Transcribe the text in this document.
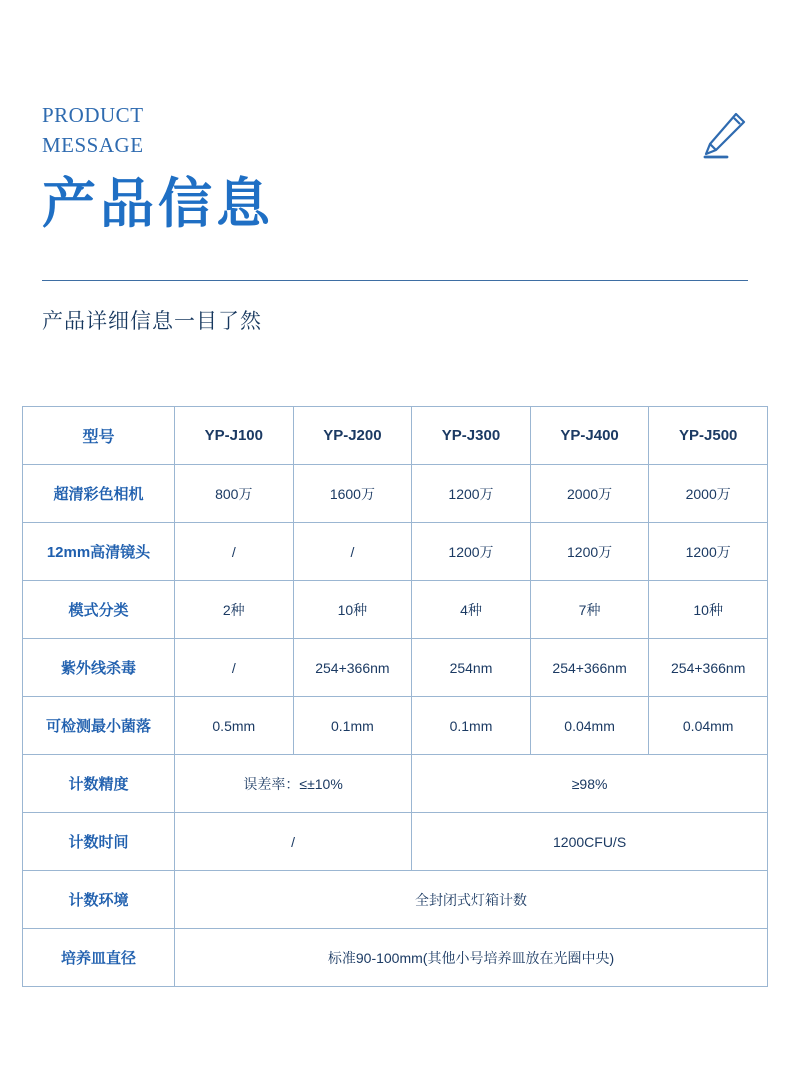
PRODUCT
MESSAGE
产品信息
产品详细信息一目了然
型号	YP-J100	YP-J200	YP-J300	YP-J400	YP-J500
超清彩色相机	800万	1600万	1200万	2000万	2000万
12mm高清镜头	/	/	1200万	1200万	1200万
模式分类	2种	10种	4种	7种	10种
紫外线杀毒	/	254+366nm	254nm	254+366nm	254+366nm
可检测最小菌落	0.5mm	0.1mm	0.1mm	0.04mm	0.04mm
计数精度	误差率：≤±10%		≥98%		
计数时间	/		1200CFU/S		
计数环境	全封闭式灯箱计数				
培养皿直径	标准90-100mm(其他小号培养皿放在光圈中央)				
